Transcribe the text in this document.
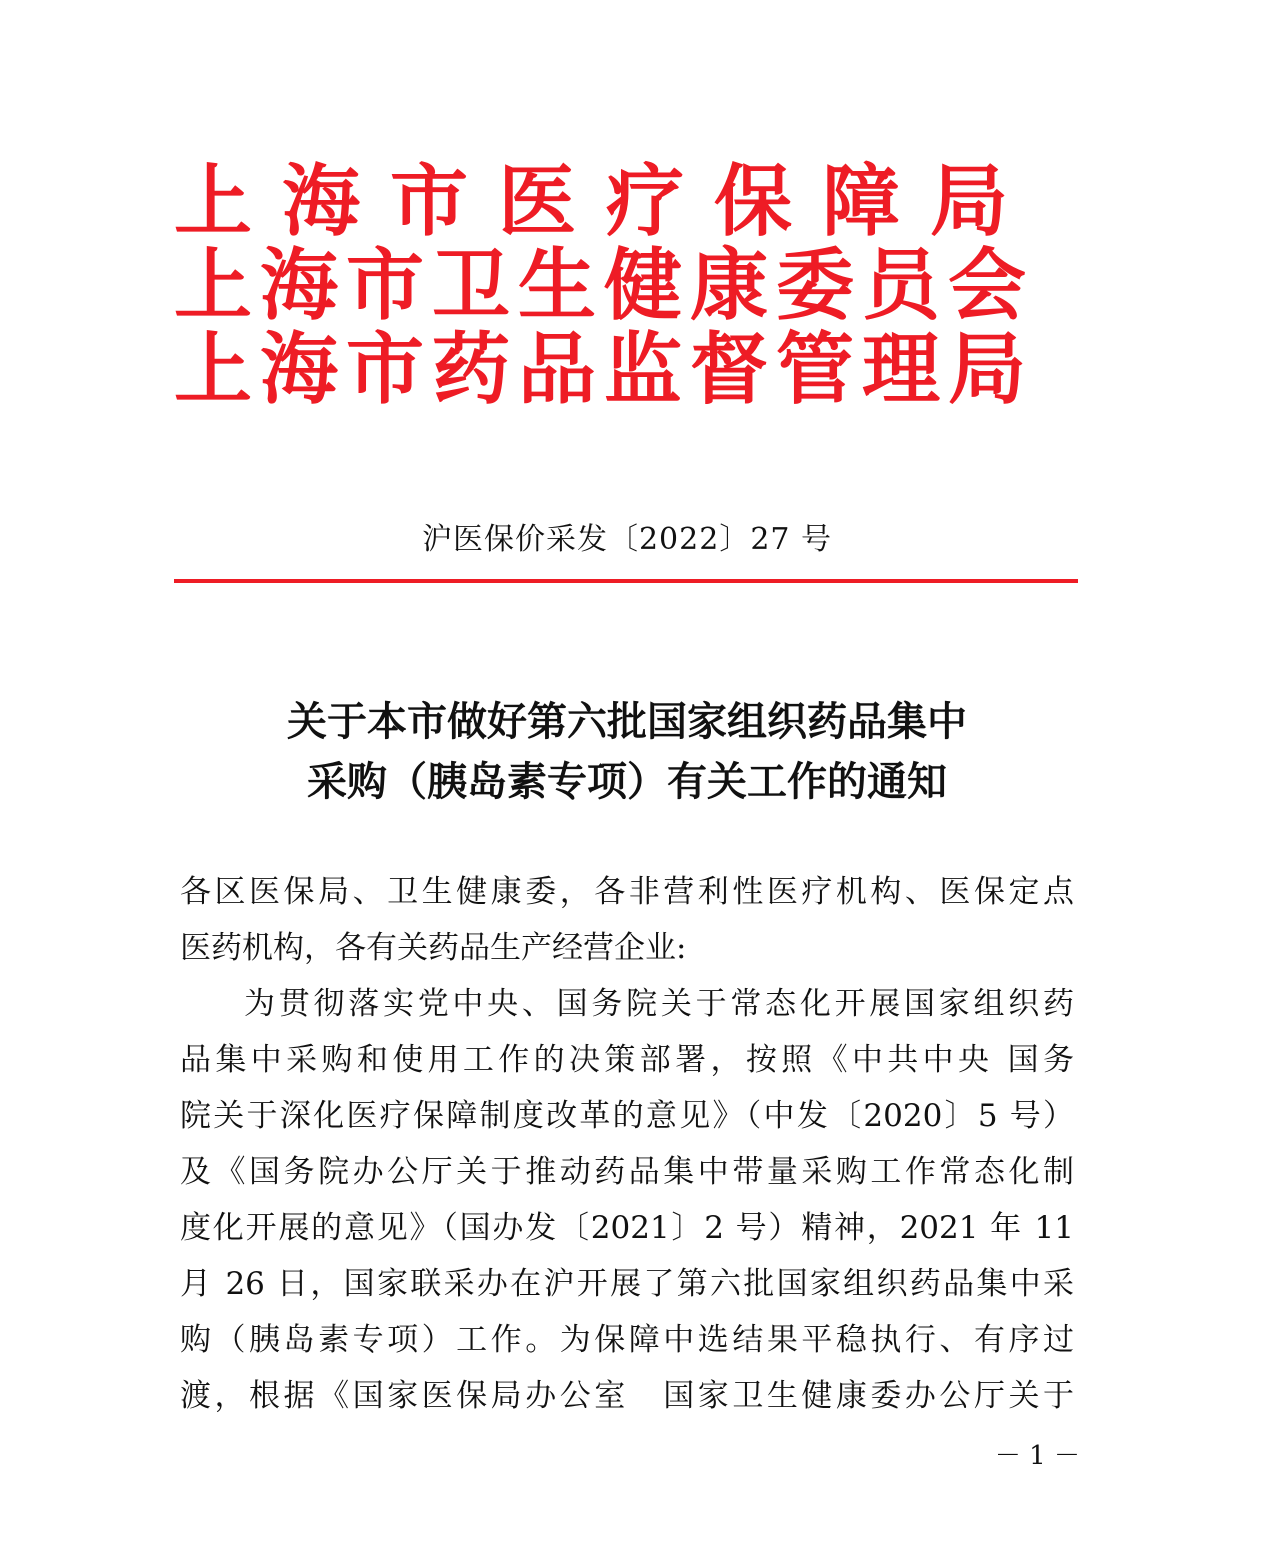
上海市医疗保障局
上海市卫生健康委员会
上海市药品监督管理局
沪医保价采发〔2022〕27 号
关于本市做好第六批国家组织药品集中
采购（胰岛素专项）有关工作的通知
各区医保局、卫生健康委，各非营利性医疗机构、医保定点
医药机构，各有关药品生产经营企业:
为贯彻落实党中央、国务院关于常态化开展国家组织药
品集中采购和使用工作的决策部署，按照《中共中央 国务
院关于深化医疗保障制度改革的意见》（中发〔2020〕5 号）
及《国务院办公厅关于推动药品集中带量采购工作常态化制
度化开展的意见》（国办发〔2021〕2 号）精神，2021 年 11
月 26 日，国家联采办在沪开展了第六批国家组织药品集中采
购（胰岛素专项）工作。为保障中选结果平稳执行、有序过
渡，根据《国家医保局办公室　国家卫生健康委办公厅关于
－ 1 －
